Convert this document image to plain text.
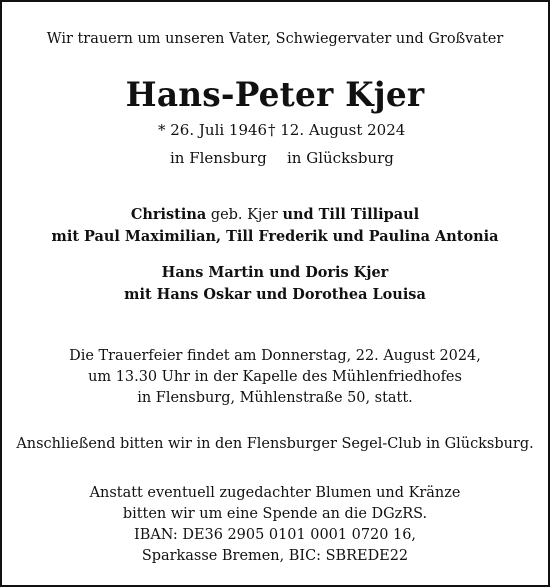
Wir trauern um unseren Vater, Schwiegervater und Großvater
Hans-Peter Kjer
* 26. Juli 1946 † 12. August 2024
in Flensburg in Glücksburg
Christina geb. Kjer und Till Tillipaul
mit Paul Maximilian, Till Frederik und Paulina Antonia
Hans Martin und Doris Kjer
mit Hans Oskar und Dorothea Louisa
Die Trauerfeier findet am Donnerstag, 22. August 2024,
um 13.30 Uhr in der Kapelle des Mühlenfriedhofes
in Flensburg, Mühlenstraße 50, statt.
Anschließend bitten wir in den Flensburger Segel-Club in Glücksburg.
Anstatt eventuell zugedachter Blumen und Kränze
bitten wir um eine Spende an die DGzRS.
IBAN: DE36 2905 0101 0001 0720 16,
Sparkasse Bremen, BIC: SBREDE22
